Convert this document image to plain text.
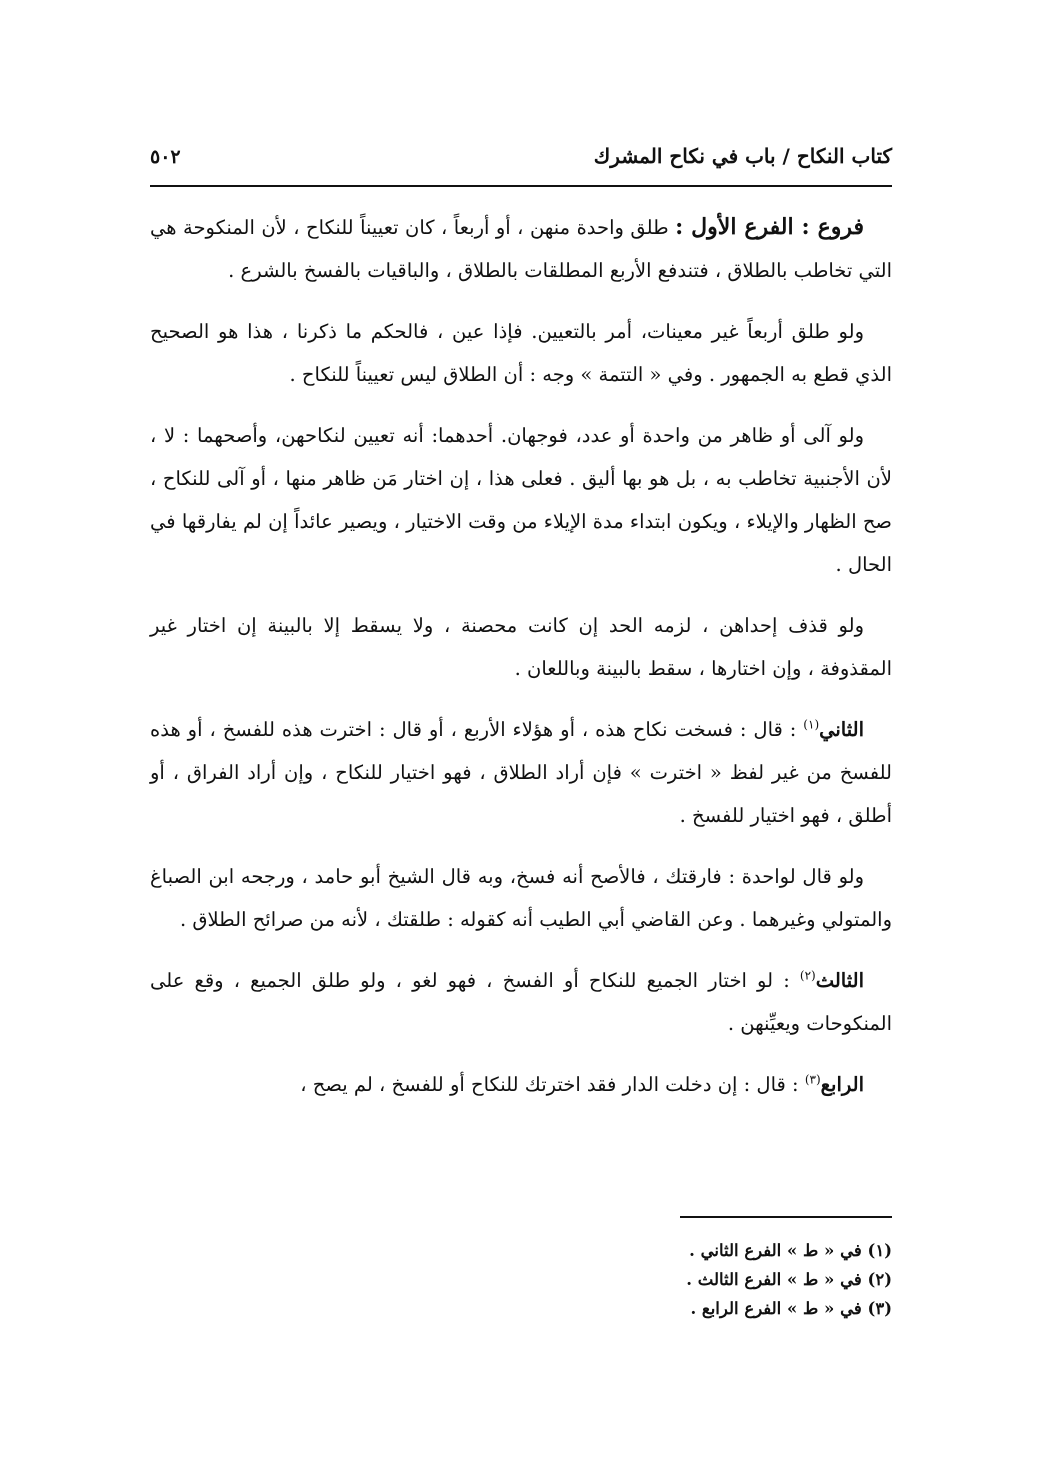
كتاب النكاح / باب في نكاح المشرك
٥٠٢

فروع : الفرع الأول : طلق واحدة منهن ، أو أربعاً ، كان تعييناً للنكاح ، لأن المنكوحة هي التي تخاطب بالطلاق ، فتندفع الأربع المطلقات بالطلاق ، والباقيات بالفسخ بالشرع .

ولو طلق أربعاً غير معينات، أمر بالتعيين. فإذا عين ، فالحكم ما ذكرنا ، هذا هو الصحيح الذي قطع به الجمهور . وفي « التتمة » وجه : أن الطلاق ليس تعييناً للنكاح .

ولو آلى أو ظاهر من واحدة أو عدد، فوجهان. أحدهما: أنه تعيين لنكاحهن، وأصحهما : لا ، لأن الأجنبية تخاطب به ، بل هو بها أليق . فعلى هذا ، إن اختار مَن ظاهر منها ، أو آلى للنكاح ، صح الظهار والإيلاء ، ويكون ابتداء مدة الإيلاء من وقت الاختيار ، ويصير عائداً إن لم يفارقها في الحال .

ولو قذف إحداهن ، لزمه الحد إن كانت محصنة ، ولا يسقط إلا بالبينة إن اختار غير المقذوفة ، وإن اختارها ، سقط بالبينة وباللعان .

الثاني$^{(١)}$ : قال : فسخت نكاح هذه ، أو هؤلاء الأربع ، أو قال : اخترت هذه للفسخ ، أو هذه للفسخ من غير لفظ « اخترت » فإن أراد الطلاق ، فهو اختيار للنكاح ، وإن أراد الفراق ، أو أطلق ، فهو اختيار للفسخ .

ولو قال لواحدة : فارقتك ، فالأصح أنه فسخ، وبه قال الشيخ أبو حامد ، ورجحه ابن الصباغ والمتولي وغيرهما . وعن القاضي أبي الطيب أنه كقوله : طلقتك ، لأنه من صرائح الطلاق .

الثالث$^{(٢)}$ : لو اختار الجميع للنكاح أو الفسخ ، فهو لغو ، ولو طلق الجميع ، وقع على المنكوحات ويعيِّنهن .

الرابع$^{(٣)}$ : قال : إن دخلت الدار فقد اخترتك للنكاح أو للفسخ ، لم يصح ،

(١) في « ط » الفرع الثاني .

(٢) في « ط » الفرع الثالث .

(٣) في « ط » الفرع الرابع .
